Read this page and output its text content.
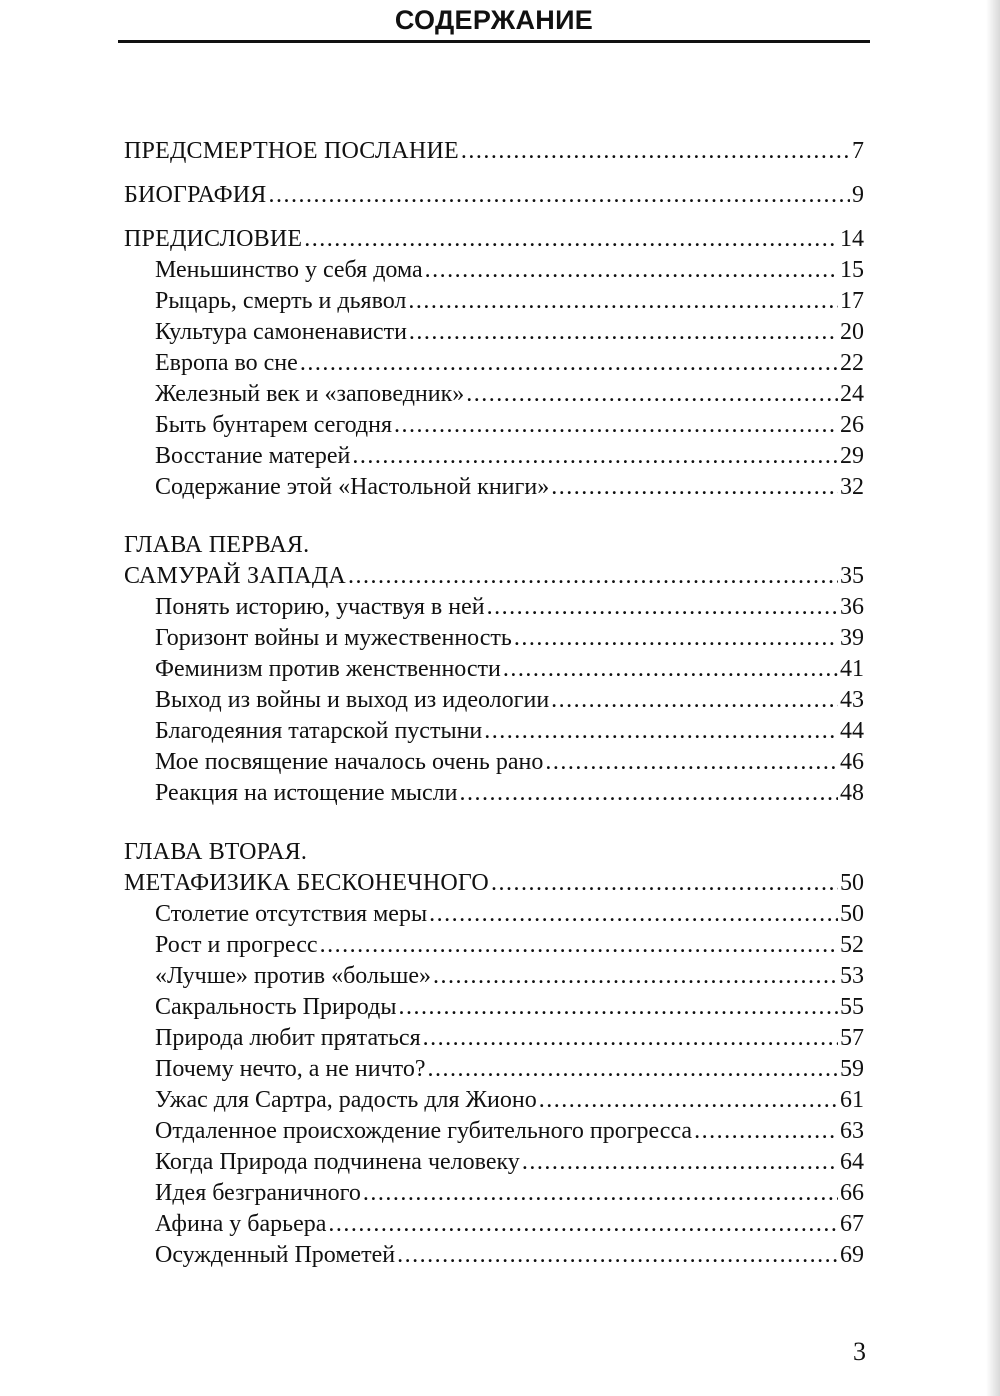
СОДЕРЖАНИЕ
ПРЕДСМЕРТНОЕ ПОСЛАНИЕ .....	7
БИОГРАФИЯ .....	9
ПРЕДИСЛОВИЕ .....	14
Меньшинство у себя дома .....	15
Рыцарь, смерть и дьявол .....	17
Культура самоненависти .....	20
Европа во сне .....	22
Железный век и «заповедник» .....	24
Быть бунтарем сегодня .....	26
Восстание матерей .....	29
Содержание этой «Настольной книги» .....	32
ГЛАВА ПЕРВАЯ.
САМУРАЙ ЗАПАДА .....	35
Понять историю, участвуя в ней .....	36
Горизонт войны и мужественность .....	39
Феминизм против женственности .....	41
Выход из войны и выход из идеологии .....	43
Благодеяния татарской пустыни .....	44
Мое посвящение началось очень рано .....	46
Реакция на истощение мысли .....	48
ГЛАВА ВТОРАЯ.
МЕТАФИЗИКА БЕСКОНЕЧНОГО .....	50
Столетие отсутствия меры .....	50
Рост и прогресс .....	52
«Лучше» против «больше» .....	53
Сакральность Природы .....	55
Природа любит прятаться .....	57
Почему нечто, а не ничто? .....	59
Ужас для Сартра, радость для Жионо .....	61
Отдаленное происхождение губительного прогресса .....	63
Когда Природа подчинена человеку .....	64
Идея безграничного .....	66
Афина у барьера .....	67
Осужденный Прометей .....	69
3
